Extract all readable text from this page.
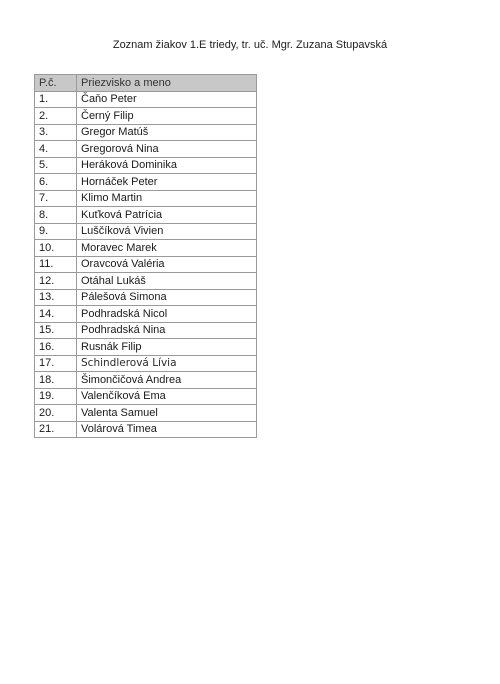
Zoznam žiakov 1.E triedy, tr. uč. Mgr. Zuzana Stupavská
P.č.	Priezvisko a meno
1.	Čaňo Peter
2.	Černý Filip
3.	Gregor Matúš
4.	Gregorová Nina
5.	Heráková Dominika
6.	Hornáček Peter
7.	Klimo Martin
8.	Kuťková Patrícia
9.	Luščíková Vivien
10.	Moravec Marek
11.	Oravcová Valéria
12.	Otáhal Lukáš
13.	Pálešová Simona
14.	Podhradská Nicol
15.	Podhradská Nina
16.	Rusnák Filip
17.	Schindlerová Lívia
18.	Šimončičová Andrea
19.	Valenčíková Ema
20.	Valenta Samuel
21.	Volárová Timea
